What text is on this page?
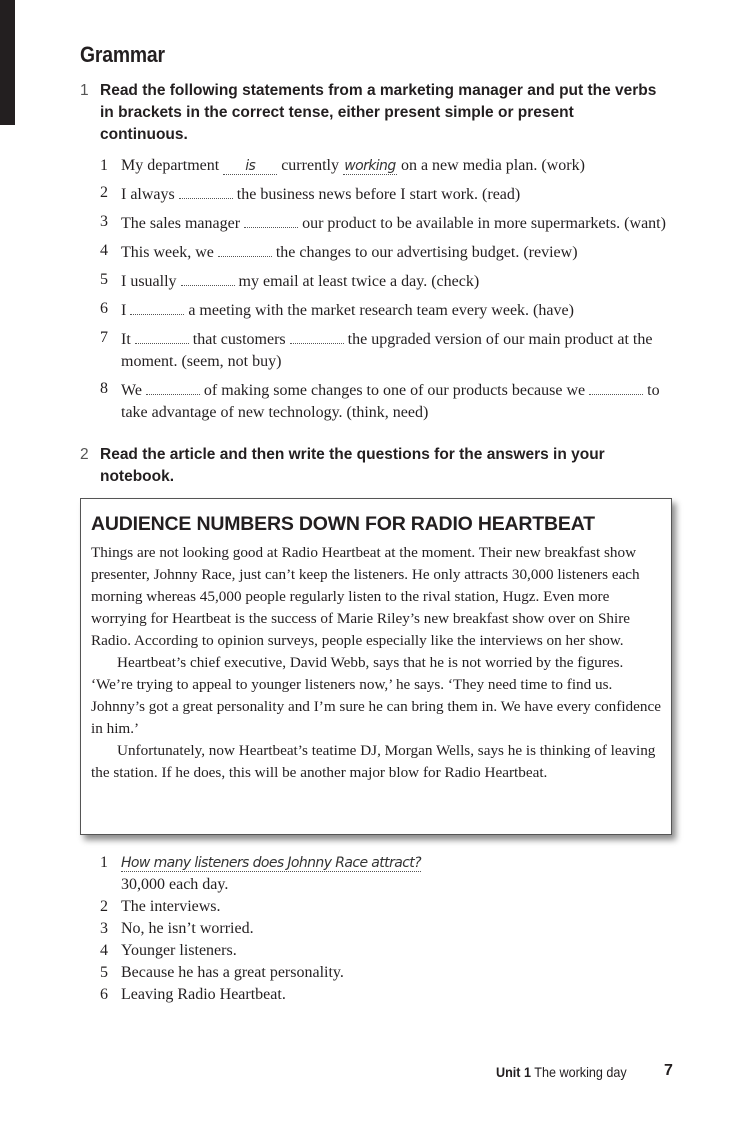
Grammar
1 Read the following statements from a marketing manager and put the verbs in brackets in the correct tense, either present simple or present continuous.
1 My department is currently working on a new media plan. (work)
2 I always	the business news before I start work. (read)
3 The sales manager	our product to be available in more supermarkets. (want)
4 This week, we	the changes to our advertising budget. (review)
5 I usually	my email at least twice a day. (check)
6 I	a meeting with the market research team every week. (have)
7 It	that customers	the upgraded version of our main product at the moment. (seem, not buy)
8 We	of making some changes to one of our products because we	to take advantage of new technology. (think, need)
2 Read the article and then write the questions for the answers in your notebook.
AUDIENCE NUMBERS DOWN FOR RADIO HEARTBEAT

Things are not looking good at Radio Heartbeat at the moment. Their new breakfast show presenter, Johnny Race, just can’t keep the listeners. He only attracts 30,000 listeners each morning whereas 45,000 people regularly listen to the rival station, Hugz. Even more worrying for Heartbeat is the success of Marie Riley’s new breakfast show over on Shire Radio. According to opinion surveys, people especially like the interviews on her show.

Heartbeat’s chief executive, David Webb, says that he is not worried by the figures. ‘We’re trying to appeal to younger listeners now,’ he says. ‘They need time to find us. Johnny’s got a great personality and I’m sure he can bring them in. We have every confidence in him.’

Unfortunately, now Heartbeat’s teatime DJ, Morgan Wells, says he is thinking of leaving the station. If he does, this will be another major blow for Radio Heartbeat.

1 How many listeners does Johnny Race attract?
30,000 each day.
2 The interviews.
3 No, he isn’t worried.
4 Younger listeners.
5 Because he has a great personality.
6 Leaving Radio Heartbeat.
Unit 1 The working day 7
